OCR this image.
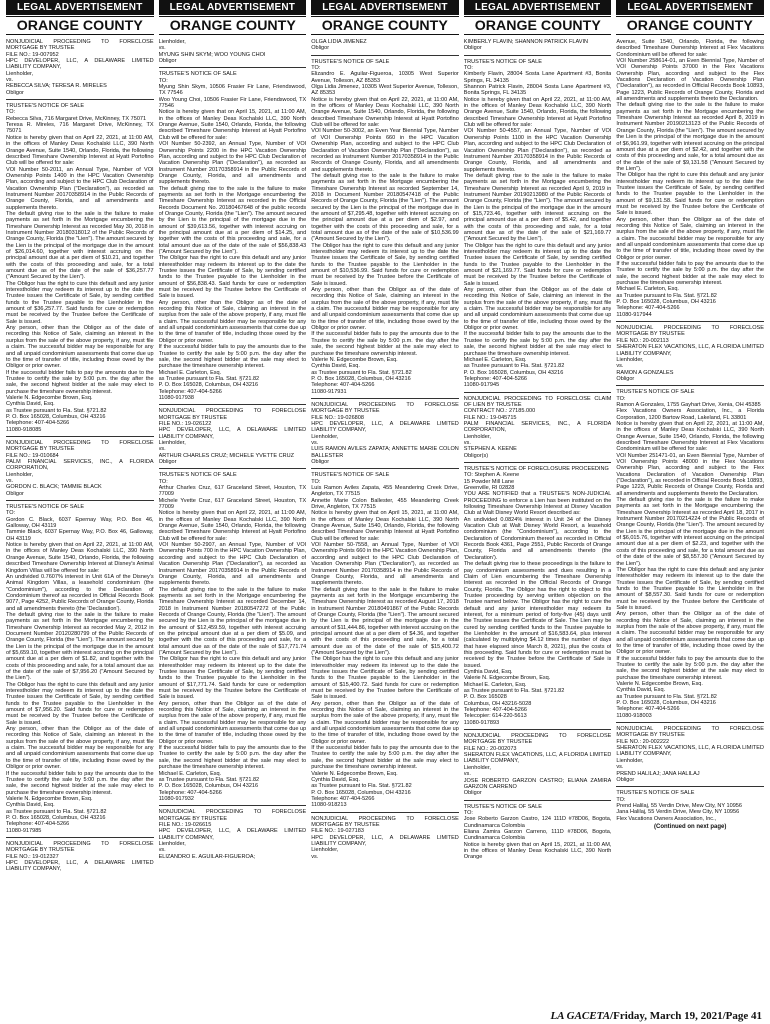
LEGAL ADVERTISEMENT
ORANGE COUNTY

NONJUDICIAL PROCEEDING TO FORECLOSE MORTGAGE BY TRUSTEE

FILE NO.: 19-007952

HPC DEVELOPER, LLC, A DELAWARE LIMITED LIABILITY COMPANY,

Lienholder,

vs.

REBECCA SILVA; TERESA R. MIRELES

Obligor

TRUSTEE'S NOTICE OF SALE

TO:

Rebecca Silva, 716 Margaret Drive, McKinney, TX 75071

Teresa R. Mireles, 716 Margaret Drive, McKinney, TX 75071

Notice is hereby given that on April 22, 2021, at 11:00 AM, in the offices of Manley Deas Kochalski LLC, 390 North Orange Avenue, Suite 1540, Orlando, Florida, the following described Timeshare Ownership Interest at Hyatt Portofino Club will be offered for sale:

VOI Number 50-2011, an Annual Type, Number of VOI Ownership Points 1400 in the HPC Vacation Ownership Plan, according and subject to the HPC Club Declaration of Vacation Ownership Plan ("Declaration"), as recorded as Instrument Number 20170358914 in the Public Records of Orange County, Florida, and all amendments and supplements thereto.

The default giving rise to the sale is the failure to make payments as set forth in the Mortgage encumbering the Timeshare Ownership Interest as recorded May 30, 2018 in Instrument Number 20180318012 of the Public Records of Orange County, Florida (the "Lien"). The amount secured by the Lien is the principal of the mortgage due in the amount of $26,014.60, together with interest accruing on the principal amount due at a per diem of $10.21, and together with the costs of this proceeding and sale, for a total amount due as of the date of the sale of $36,257.77 ("Amount Secured by the Lien").

The Obligor has the right to cure this default and any junior interestholder may redeem its interest up to the date the Trustee issues the Certificate of Sale, by sending certified funds to the Trustee payable to the Lienholder in the amount of $36,257.77. Said funds for cure or redemption must be received by the Trustee before the Certificate of Sale is issued.

Any person, other than the Obligor as of the date of recording this Notice of Sale, claiming an interest in the surplus from the sale of the above property, if any, must file a claim. The successful bidder may be responsible for any and all unpaid condominium assessments that come due up to the time of transfer of title, including those owed by the Obligor or prior owner.

If the successful bidder fails to pay the amounts due to the Trustee to certify the sale by 5:00 p.m. the day after the sale, the second highest bidder at the sale may elect to purchase the timeshare ownership interest.

Valerie N. Edgecombe Brown, Esq.

Cynthia David, Esq.

as Trustee pursuant to Fla. Stat. §721.82

P. O. Box 165028, Columbus, OH 43216

Telephone: 407-404-5266

11080-918085

NONJUDICIAL PROCEEDING TO FORECLOSE MORTGAGE BY TRUSTEE

FILE NO.: 19-010684

PALM FINANCIAL SERVICES, INC., A FLORIDA CORPORATION,

Lienholder,

vs.

GORDON C. BLACK; TAMMIE BLACK

Obligor

TRUSTEE'S NOTICE OF SALE

TO:

Gordon C. Black, 6037 Epernay Way, P.O. Box 46, Galloway, OH 43119

Tammie Black, 6037 Epernay Way, P.O. Box 46, Galloway, OH 43119

Notice is hereby given that on April 22, 2021, at 11:00 AM, in the offices of Manley Deas Kochalski LLC, 390 North Orange Avenue, Suite 1540, Orlando, Florida, the following described Timeshare Ownership Interest at Disney's Animal Kingdom Villas will be offered for sale:

An undivided 0.7607% interest in Unit 61A of the Disney's Animal Kingdom Villas, a leasehold condominium (the "Condominium"), according to the Declaration of Condominium thereof as recorded in Official Records Book 9077, Page 4252, Public Records of Orange County, Florida and all amendments thereto (the 'Declaration').

The default giving rise to the sale is the failure to make payments as set forth in the Mortgage encumbering the Timeshare Ownership Interest as recorded May 2, 2012 in Document Number 20120280799 of the Public Records of Orange County, Florida (the "Lien"). The amount secured by the Lien is the principal of the mortgage due in the amount of $5,659.10, together with interest accruing on the principal amount due at a per diem of $1.82, and together with the costs of this proceeding and sale, for a total amount due as of the date of the sale of $7,956.20 ("Amount Secured by the Lien").

The Obligor has the right to cure this default and any junior interestholder may redeem its interest up to the date the Trustee issues the Certificate of Sale, by sending certified funds to the Trustee payable to the Lienholder in the amount of $7,956.20. Said funds for cure or redemption must be received by the Trustee before the Certificate of Sale is issued.

Any person, other than the Obligor as of the date of recording this Notice of Sale, claiming an interest in the surplus from the sale of the above property, if any, must file a claim. The successful bidder may be responsible for any and all unpaid condominium assessments that come due up to the time of transfer of title, including those owed by the Obligor or prior owner.

If the successful bidder fails to pay the amounts due to the Trustee to certify the sale by 5:00 p.m. the day after the sale, the second highest bidder at the sale may elect to purchase the timeshare ownership interest.

Valerie N. Edgecombe Brown, Esq.

Cynthia David, Esq.

as Trustee pursuant to Fla. Stat. §721.82

P. O. Box 165028, Columbus, OH 43216

Telephone: 407-404-5266

11080-917985

NONJUDICIAL PROCEEDING TO FORECLOSE MORTGAGE BY TRUSTEE

FILE NO.: 19-012327

HPC DEVELOPER, LLC, A DELAWARE LIMITED LIABILITY COMPANY,

LEGAL ADVERTISEMENT
ORANGE COUNTY

Lienholder,

vs.

MYUNG SHIN SKYM; WOO YOUNG CHOI

Obligor

TRUSTEE'S NOTICE OF SALE

TO:

Myung Shin Skym, 10506 Frasier Fir Lane, Friendswood, TX 77546

Woo Young Choi, 10506 Frasier Fir Lane, Friendswood, TX 77546

Notice is hereby given that on April 15, 2021, at 11:00 AM, in the offices of Manley Deas Kochalski LLC, 390 North Orange Avenue, Suite 1540, Orlando, Florida, the following described Timeshare Ownership Interest at Hyatt Portofino Club will be offered for sale:

VOI Number 50-2392, an Annual Type, Number of VOI Ownership Points 2200 in the HPC Vacation Ownership Plan, according and subject to the HPC Club Declaration of Vacation Ownership Plan ("Declaration"), as recorded as Instrument Number 20170358914 in the Public Records of Orange County, Florida, and all amendments and supplements thereto.

The default giving rise to the sale is the failure to make payments as set forth in the Mortgage encumbering the Timeshare Ownership Interest as recorded in the Official Records Document No. 20180467648 of the public records of Orange County, Florida (the "Lien"). The amount secured by the Lien is the principal of the mortgage due in the amount of $39,613.56, together with interest accruing on the principal amount due at a per diem of $14.25, and together with the costs of this proceeding and sale, for a total amount due as of the date of the sale of $56,838.43 ("Amount Secured by the Lien").

The Obligor has the right to cure this default and any junior interestholder may redeem its interest up to the date the Trustee issues the Certificate of Sale, by sending certified funds to the Trustee payable to the Lienholder in the amount of $56,838.43. Said funds for cure or redemption must be received by the Trustee before the Certificate of Sale is issued.

Any person, other than the Obligor as of the date of recording this Notice of Sale, claiming an interest in the surplus from the sale of the above property, if any, must file a claim. The successful bidder may be responsible for any and all unpaid condominium assessments that come due up to the time of transfer of title, including those owed by the Obligor or prior owner.

If the successful bidder fails to pay the amounts due to the Trustee to certify the sale by 5:00 p.m. the day after the sale, the second highest bidder at the sale may elect to purchase the timeshare ownership interest.

Michael E. Carleton, Esq.

as Trustee pursuant to Fla. Stat. §721.82

P. O. Box 165028, Columbus, OH 43216

Telephone: 407-404-5266

11080-917938

NONJUDICIAL PROCEEDING TO FORECLOSE MORTGAGE BY TRUSTEE

FILE NO.: 19-026122

HPC DEVELOPER, LLC, A DELAWARE LIMITED LIABILITY COMPANY,

Lienholder,

vs.

ARTHUR CHARLES CRUZ; MICHELE YVETTE CRUZ

Obligor

TRUSTEE'S NOTICE OF SALE

TO:

Arthur Charles Cruz, 617 Graceland Street, Houston, TX 77009

Michele Yvette Cruz, 617 Graceland Street, Houston, TX 77009

Notice is hereby given that on April 22, 2021, at 11:00 AM, in the offices of Manley Deas Kochalski LLC, 390 North Orange Avenue, Suite 1540, Orlando, Florida, the following described Timeshare Ownership Interest at Hyatt Portofino Club will be offered for sale:

VOI Number 50-2907, an Annual Type, Number of VOI Ownership Points 700 in the HPC Vacation Ownership Plan, according and subject to the HPC Club Declaration of Vacation Ownership Plan ("Declaration"), as recorded as Instrument Number 20170358914 in the Public Records of Orange County, Florida, and all amendments and supplements thereto.

The default giving rise to the sale is the failure to make payments as set forth in the Mortgage encumbering the Timeshare Ownership Interest as recorded December 14, 2018 in Instrument Number 20180547272 of the Public Records of Orange County, Florida (the "Lien"). The amount secured by the Lien is the principal of the mortgage due in the amount of $12,459.59, together with interest accruing on the principal amount due at a per diem of $5.09, and together with the costs of this proceeding and sale, for a total amount due as of the date of the sale of $17,771.74 ("Amount Secured by the Lien").

The Obligor has the right to cure this default and any junior interestholder may redeem its interest up to the date the Trustee issues the Certificate of Sale, by sending certified funds to the Trustee payable to the Lienholder in the amount of $17,771.74. Said funds for cure or redemption must be received by the Trustee before the Certificate of Sale is issued.

Any person, other than the Obligor as of the date of recording this Notice of Sale, claiming an interest in the surplus from the sale of the above property, if any, must file a claim. The successful bidder may be responsible for any and all unpaid condominium assessments that come due up to the time of transfer of title, including those owed by the Obligor or prior owner.

If the successful bidder fails to pay the amounts due to the Trustee to certify the sale by 5:00 p.m. the day after the sale, the second highest bidder at the sale may elect to purchase the timeshare ownership interest.

Michael E. Carleton, Esq.

as Trustee pursuant to Fla. Stat. §721.82

P. O. Box 165028, Columbus, OH 43216

Telephone: 407-404-5266

11080-917932

NONJUDICIAL PROCEEDING TO FORECLOSE MORTGAGE BY TRUSTEE

FILE NO.: 19-026615

HPC DEVELOPER, LLC, A DELAWARE LIMITED LIABILITY COMPANY,

Lienholder,

vs.

ELIZANDRO E. AGUILAR-FIGUEROA;

LEGAL ADVERTISEMENT
ORANGE COUNTY

OLGA LIDIA JIMENEZ

Obligor

TRUSTEE'S NOTICE OF SALE

TO:

Elizandro E. Aguilar-Figueroa, 10305 West Superior Avenue, Tolleson, AZ 85353

Olga Lidia Jimenez, 10305 West Superior Avenue, Tolleson, AZ 85353

Notice is hereby given that on April 22, 2021, at 11:00 AM, in the offices of Manley Deas Kochalski LLC, 390 North Orange Avenue, Suite 1540, Orlando, Florida, the following described Timeshare Ownership Interest at Hyatt Portofino Club will be offered for sale:

VOI Number 50-3002, an Even Year Biennial Type, Number of VOI Ownership Points 660 in the HPC Vacation Ownership Plan, according and subject to the HPC Club Declaration of Vacation Ownership Plan ("Declaration"), as recorded as Instrument Number 20170358914 in the Public Records of Orange County, Florida, and all amendments and supplements thereto.

The default giving rise to the sale is the failure to make payments as set forth in the Mortgage encumbering the Timeshare Ownership Interest as recorded September 14, 2018 in Document Number 20180547418 of the Public Records of Orange County, Florida (the "Lien"). The amount secured by the Lien is the principal of the mortgage due in the amount of $7,295.48, together with interest accruing on the principal amount due at a per diem of $2.97, and together with the costs of this proceeding and sale, for a total amount due as of the date of the sale of $10,536.99 ("Amount Secured by the Lien").

The Obligor has the right to cure this default and any junior interestholder may redeem its interest up to the date the Trustee issues the Certificate of Sale, by sending certified funds to the Trustee payable to the Lienholder in the amount of $10,536.99. Said funds for cure or redemption must be received by the Trustee before the Certificate of Sale is issued.

Any person, other than the Obligor as of the date of recording this Notice of Sale, claiming an interest in the surplus from the sale of the above property, if any, must file a claim. The successful bidder may be responsible for any and all unpaid condominium assessments that come due up to the time of transfer of title, including those owed by the Obligor or prior owner.

If the successful bidder fails to pay the amounts due to the Trustee to certify the sale by 5:00 p.m. the day after the sale, the second highest bidder at the sale may elect to purchase the timeshare ownership interest.

Valerie N. Edgecombe Brown, Esq.

Cynthia David, Esq.

as Trustee pursuant to Fla. Stat. §721.82

P. O. Box 165028, Columbus, OH 43216

Telephone: 407-404-5266

11080-917931

NONJUDICIAL PROCEEDING TO FORECLOSE MORTGAGE BY TRUSTEE

FILE NO.: 19-026808

HPC DEVELOPER, LLC, A DELAWARE LIMITED LIABILITY COMPANY,

Lienholder,

vs.

LUIS RAMON AVILES ZAPATA; ANNETTE MARIE COLON BALLESTER

Obligor

TRUSTEE'S NOTICE OF SALE

TO:

Luis Ramon Aviles Zapata, 455 Meandering Creek Drive, Angleton, TX 77515

Annette Marie Colon Ballester, 455 Meandering Creek Drive, Angleton, TX 77515

Notice is hereby given that on April 15, 2021, at 11:00 AM, in the offices of Manley Deas Kochalski LLC, 390 North Orange Avenue, Suite 1540, Orlando, Florida, the following described Timeshare Ownership Interest at Hyatt Portofino Club will be offered for sale:

VOI Number 50-7558, an Annual Type, Number of VOI Ownership Points 660 in the HPC Vacation Ownership Plan, according and subject to the HPC Club Declaration of Vacation Ownership Plan ("Declaration"), as recorded as Instrument Number 20170358914 in the Public Records of Orange County, Florida, and all amendments and supplements thereto.

The default giving rise to the sale is the failure to make payments as set forth in the Mortgage encumbering the Timeshare Ownership Interest as recorded August 17, 2018 in Instrument Number 20180491867 of the Public Records of Orange County, Florida (the "Lien"). The amount secured by the Lien is the principal of the mortgage due in the amount of $11,444.86, together with interest accruing on the principal amount due at a per diem of $4.36, and together with the costs of this proceeding and sale, for a total amount due as of the date of the sale of $15,400.72 ("Amount Secured by the Lien").

The Obligor has the right to cure this default and any junior interestholder may redeem its interest up to the date the Trustee issues the Certificate of Sale, by sending certified funds to the Trustee payable to the Lienholder in the amount of $15,400.72. Said funds for cure or redemption must be received by the Trustee before the Certificate of Sale is issued.

Any person, other than the Obligor as of the date of recording this Notice of Sale, claiming an interest in the surplus from the sale of the above property, if any, must file a claim. The successful bidder may be responsible for any and all unpaid condominium assessments that come due up to the time of transfer of title, including those owed by the Obligor or prior owner.

If the successful bidder fails to pay the amounts due to the Trustee to certify the sale by 5:00 p.m. the day after the sale, the second highest bidder at the sale may elect to purchase the timeshare ownership interest.

Valerie N. Edgecombe Brown, Esq.

Cynthia David, Esq.

as Trustee pursuant to Fla. Stat. §721.82

P. O. Box 165028, Columbus, OH 43216

Telephone: 407-404-5266

11080-918213

NONJUDICIAL PROCEEDING TO FORECLOSE MORTGAGE BY TRUSTEE

FILE NO.: 19-027183

HPC DEVELOPER, LLC, A DELAWARE LIMITED LIABILITY COMPANY,

Lienholder,

vs.

LEGAL ADVERTISEMENT
ORANGE COUNTY

KIMBERLY FLAVIN; SHANNON PATRICK FLAVIN

Obligor

TRUSTEE'S NOTICE OF SALE

TO:

Kimberly Flavin, 28004 Sosta Lane Apartment #3, Bonita Springs, FL 34135

Shannon Patrick Flavin, 28004 Sosta Lane Apartment #3, Bonita Springs, FL 34135

Notice is hereby given that on April 22, 2021, at 11:00 AM, in the offices of Manley Deas Kochalski LLC, 390 North Orange Avenue, Suite 1540, Orlando, Florida, the following described Timeshare Ownership Interest at Hyatt Portofino Club will be offered for sale:

VOI Number 50-4557, an Annual Type, Number of VOI Ownership Points 1100 in the HPC Vacation Ownership Plan, according and subject to the HPC Club Declaration of Vacation Ownership Plan ("Declaration"), as recorded as Instrument Number 20170358914 in the Public Records of Orange County, Florida, and all amendments and supplements thereto.

The default giving rise to the sale is the failure to make payments as set forth in the Mortgage encumbering the Timeshare Ownership Interest as recorded April 9, 2019 in Instrument Number 20190213980 of the Public Records of Orange County, Florida (the "Lien"). The amount secured by the Lien is the principal of the mortgage due in the amount of $15,723.46, together with interest accruing on the principal amount due at a per diem of $5.42, and together with the costs of this proceeding and sale, for a total amount due as of the date of the sale of $21,169.77 ("Amount Secured by the Lien").

The Obligor has the right to cure this default and any junior interestholder may redeem its interest up to the date the Trustee issues the Certificate of Sale, by sending certified funds to the Trustee payable to the Lienholder in the amount of $21,169.77. Said funds for cure or redemption must be received by the Trustee before the Certificate of Sale is issued.

Any person, other than the Obligor as of the date of recording this Notice of Sale, claiming an interest in the surplus from the sale of the above property, if any, must file a claim. The successful bidder may be responsible for any and all unpaid condominium assessments that come due up to the time of transfer of title, including those owed by the Obligor or prior owner.

If the successful bidder fails to pay the amounts due to the Trustee to certify the sale by 5:00 p.m. the day after the sale, the second highest bidder at the sale may elect to purchase the timeshare ownership interest.

Michael E. Carleton, Esq.

as Trustee pursuant to Fla. Stat. §721.82

P. O. Box 165028, Columbus, OH 43216

Telephone: 407-404-5266

11080-917945

NONJUDICIAL PROCEEDING TO FORECLOSE CLAIM OF LIEN BY TRUSTEE

CONTRACT NO.: 27185.000

FILE NO.: 19-045715

PALM FINANCIAL SERVICES, INC., A FLORIDA CORPORATION,

Lienholder,

vs.

STEPHEN A. KEENE

Obligor(s)

TRUSTEE'S NOTICE OF FORECLOSURE PROCEEDING

TO: Stephen A. Keene

15 Powder Mill Lane

Greenville, RI 02828

YOU ARE NOTIFIED that a TRUSTEE'S NON-JUDICIAL PROCEEDING to enforce a Lien has been instituted on the following Timeshare Ownership Interest at Disney Vacation Club at Walt Disney World Resort described as:

An undivided 0.0824% interest in Unit 34 of the Disney Vacation Club at Walt Disney World Resort, a leasehold condominium (the "Condominium"), according to the Declaration of Condominium thereof as recorded in Official Records Book 4361, Page 2551, Public Records of Orange County, Florida and all amendments thereto (the 'Declaration').

The default giving rise to these proceedings is the failure to pay condominium assessments and dues resulting in a Claim of Lien encumbering the Timeshare Ownership Interest as recorded in the Official Records of Orange County, Florida. The Obligor has the right to object to this Trustee proceeding by serving written objection on the Trustee named below. The Obligor has the right to cure the default and any junior interestholder may redeem its interest, for a minimum period of forty-five (45) days until the Trustee issues the Certificate of Sale. The Lien may be cured by sending certified funds to the Trustee payable to the Lienholder in the amount of $16,583.64, plus interest (calculated by multiplying $4.12 times the number of days that have elapsed since March 8, 2021), plus the costs of this proceeding. Said funds for cure or redemption must be received by the Trustee before the Certificate of Sale is issued.

Cynthia David, Esq.

Valerie N. Edgecombe Brown, Esq.

Michael E. Carleton, Esq.

as Trustee pursuant to Fla. Stat. §721.82

P. O. Box 165028

Columbus, OH 43216-5028

Telephone: 407-404-5266

Telecopier: 614-220-5613

11080-917893

NONJUDICIAL PROCEEDING TO FORECLOSE MORTGAGE BY TRUSTEE

FILE NO.: 20-002073

SHERATON FLEX VACATIONS, LLC, A FLORIDA LIMITED LIABILITY COMPANY,

Lienholder,

vs.

JOSE ROBERTO GARZON CASTRO; ELIANA ZAMIRA GARZON CARRENO

Obligor

TRUSTEE'S NOTICE OF SALE

TO:

Jose Roberto Garzon Castro, 124 111D #78D06, Bogota, Cundinamarca Colombia

Eliana Zamira Garzon Carreno, 111D #78D06, Bogota, Cundinamarca Colombia

Notice is hereby given that on April 15, 2021, at 11:00 AM, in the offices of Manley Deas Kochalski LLC, 390 North Orange

LEGAL ADVERTISEMENT
ORANGE COUNTY

Avenue, Suite 1540, Orlando, Florida, the following described Timeshare Ownership Interest at Flex Vacations Condominium will be offered for sale:

VOI Number 258614-01, an Even Biennial Type, Number of VOI Ownership Points 37000 in the Flex Vacations Ownership Plan, according and subject to the Flex Vacations Declaration of Vacation Ownership Plan ("Declaration"), as recorded in Official Records Book 10893, Page 1223, Public Records of Orange County, Florida and all amendments and supplements thereto the Declaration.

The default giving rise to the sale is the failure to make payments as set forth in the Mortgage encumbering the Timeshare Ownership Interest as recorded April 8, 2019 in Instrument Number 20190213123 of the Public Records of Orange County, Florida (the "Lien"). The amount secured by the Lien is the principal of the mortgage due in the amount of $6,961.99, together with interest accruing on the principal amount due at a per diem of $2.42, and together with the costs of this proceeding and sale, for a total amount due as of the date of the sale of $9,131.58 ("Amount Secured by the Lien").

The Obligor has the right to cure this default and any junior interestholder may redeem its interest up to the date the Trustee issues the Certificate of Sale, by sending certified funds to the Trustee payable to the Lienholder in the amount of $9,131.58. Said funds for cure or redemption must be received by the Trustee before the Certificate of Sale is issued.

Any person, other than the Obligor as of the date of recording this Notice of Sale, claiming an interest in the surplus from the sale of the above property, if any, must file a claim. The successful bidder may be responsible for any and all unpaid condominium assessments that come due up to the time of transfer of title, including those owed by the Obligor or prior owner.

If the successful bidder fails to pay the amounts due to the Trustee to certify the sale by 5:00 p.m. the day after the sale, the second highest bidder at the sale may elect to purchase the timeshare ownership interest.

Michael E. Carleton, Esq.

as Trustee pursuant to Fla. Stat. §721.82

P. O. Box 165028, Columbus, OH 43216

Telephone: 407-404-5266

11080-917944

NONJUDICIAL PROCEEDING TO FORECLOSE MORTGAGE BY TRUSTEE

FILE NO.: 20-002113

SHERATON FLEX VACATIONS, LLC, A FLORIDA LIMITED LIABILITY COMPANY,

Lienholder,

vs.

RAMON A GONZALES

Obligor

TRUSTEE'S NOTICE OF SALE

TO:

Ramon A Gonzales, 1755 Gayhart Drive, Xenia, OH 45385

Flex Vacations Owners Association, Inc., a Florida Corporation, 1200 Bartow Road, Lakeland, FL 33801

Notice is hereby given that on April 22, 2021, at 11:00 AM, in the offices of Manley Deas Kochalski LLC, 390 North Orange Avenue, Suite 1540, Orlando, Florida, the following described Timeshare Ownership Interest at Flex Vacations Condominium will be offered for sale:

VOI Number 251471-01, an Even Biennial Type, Number of VOI Ownership Points 48000 in the Flex Vacations Ownership Plan, according and subject to the Flex Vacations Declaration of Vacation Ownership Plan ("Declaration"), as recorded in Official Records Book 10893, Page 1223, Public Records of Orange County, Florida and all amendments and supplements thereto the Declaration.

The default giving rise to the sale is the failure to make payments as set forth in the Mortgage encumbering the Timeshare Ownership Interest as recorded April 18, 2017 in Instrument Number 20170214224 of the Public Records of Orange County, Florida (the "Lien"). The amount secured by the Lien is the principal of the mortgage due in the amount of $6,015.76, together with interest accruing on the principal amount due at a per diem of $2.23, and together with the costs of this proceeding and sale, for a total amount due as of the date of the sale of $8,557.30 ("Amount Secured by the Lien").

The Obligor has the right to cure this default and any junior interestholder may redeem its interest up to the date the Trustee issues the Certificate of Sale, by sending certified funds to the Trustee payable to the Lienholder in the amount of $8,557.30. Said funds for cure or redemption must be received by the Trustee before the Certificate of Sale is issued.

Any person, other than the Obligor as of the date of recording this Notice of Sale, claiming an interest in the surplus from the sale of the above property, if any, must file a claim. The successful bidder may be responsible for any and all unpaid condominium assessments that come due up to the time of transfer of title, including those owed by the Obligor or prior owner.

If the successful bidder fails to pay the amounts due to the Trustee to certify the sale by 5:00 p.m. the day after the sale, the second highest bidder at the sale may elect to purchase the timeshare ownership interest.

Valerie N. Edgecombe Brown, Esq.

Cynthia David, Esq.

as Trustee pursuant to Fla. Stat. §721.82

P. O. Box 165028, Columbus, OH 43216

Telephone: 407-404-5266

11080-918003

NONJUDICIAL PROCEEDING TO FORECLOSE MORTGAGE BY TRUSTEE

FILE NO.: 20-002222

SHERATON FLEX VACATIONS, LLC, A FLORIDA LIMITED LIABILITY COMPANY,

Lienholder,

vs.

PREND HALILAJ; JANA HALILAJ

Obligor

TRUSTEE'S NOTICE OF SALE

TO:

Prend Halilaj, 55 Verdin Drive, Mew City, NY 10956

Jana Halilaj, 55 Verdin Drive, Mew City, NY 10956

Flex Vacations Owners Association, Inc.,

(Continued on next page)
LA GACETA/Friday, March 19, 2021/Page 41
